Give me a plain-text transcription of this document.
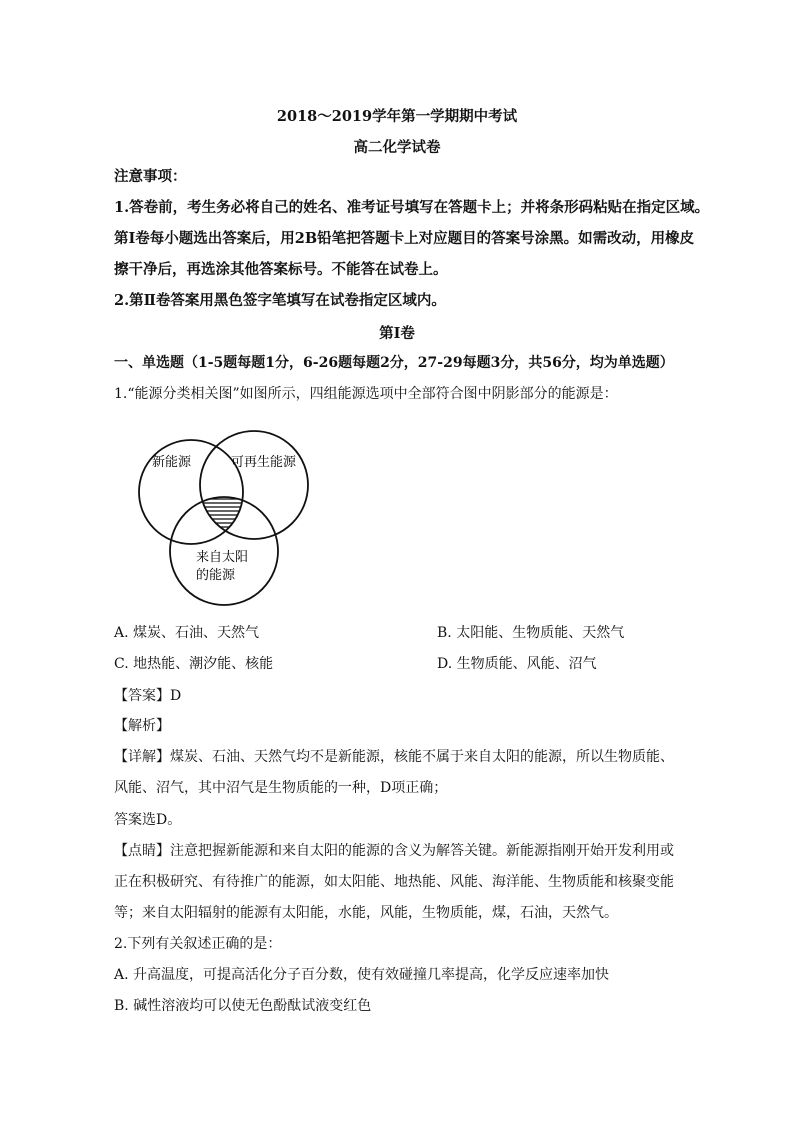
2018～2019学年第一学期期中考试
高二化学试卷
注意事项：
1.答卷前，考生务必将自己的姓名、准考证号填写在答题卡上；并将条形码粘贴在指定区域。
第Ⅰ卷每小题选出答案后，用2B铅笔把答题卡上对应题目的答案号涂黑。如需改动，用橡皮
擦干净后，再选涂其他答案标号。不能答在试卷上。
2.第Ⅱ卷答案用黑色签字笔填写在试卷指定区域内。
第Ⅰ卷
一、单选题（1-5题每题1分，6-26题每题2分，27-29每题3分，共56分，均为单选题）
1.“能源分类相关图”如图所示，四组能源选项中全部符合图中阴影部分的能源是：
新能源	可再生能源
来自太阳
的能源
A. 煤炭、石油、天然气	B. 太阳能、生物质能、天然气
C. 地热能、潮汐能、核能	D. 生物质能、风能、沼气
【答案】D
【解析】
【详解】煤炭、石油、天然气均不是新能源，核能不属于来自太阳的能源，所以生物质能、
风能、沼气，其中沼气是生物质能的一种，D项正确；
答案选D。
【点睛】注意把握新能源和来自太阳的能源的含义为解答关键。新能源指刚开始开发利用或
正在积极研究、有待推广的能源，如太阳能、地热能、风能、海洋能、生物质能和核聚变能
等；来自太阳辐射的能源有太阳能，水能，风能，生物质能，煤，石油，天然气。
2.下列有关叙述正确的是：
A. 升高温度，可提高活化分子百分数，使有效碰撞几率提高，化学反应速率加快
B. 碱性溶液均可以使无色酚酞试液变红色
